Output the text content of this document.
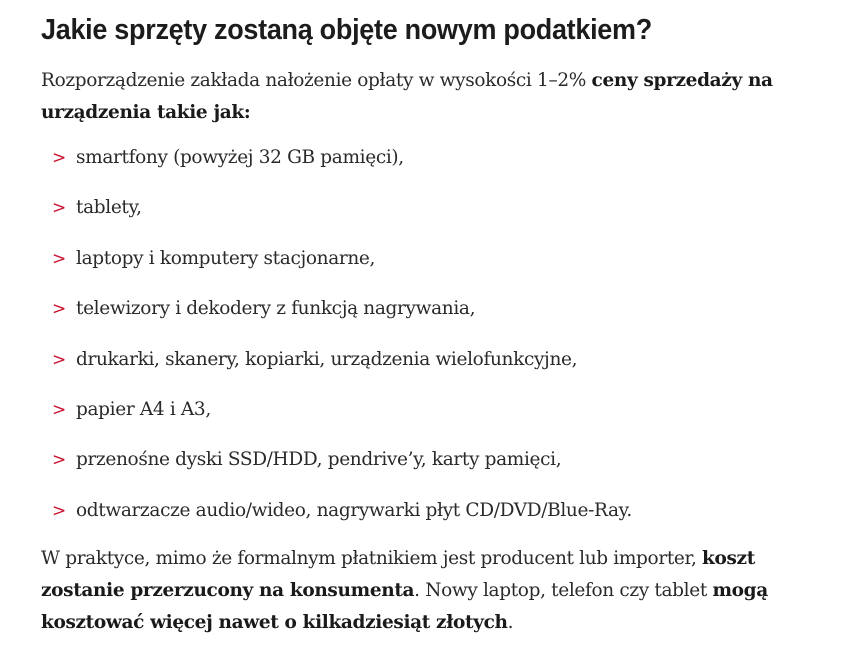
Jakie sprzęty zostaną objęte nowym podatkiem?

Rozporządzenie zakłada nałożenie opłaty w wysokości 1–2% ceny sprzedaży na urządzenia takie jak:

> smartfony (powyżej 32 GB pamięci),
> tablety,
> laptopy i komputery stacjonarne,
> telewizory i dekodery z funkcją nagrywania,
> drukarki, skanery, kopiarki, urządzenia wielofunkcyjne,
> papier A4 i A3,
> przenośne dyski SSD/HDD, pendrive’y, karty pamięci,
> odtwarzacze audio/wideo, nagrywarki płyt CD/DVD/Blue-Ray.

W praktyce, mimo że formalnym płatnikiem jest producent lub importer, koszt zostanie przerzucony na konsumenta. Nowy laptop, telefon czy tablet mogą kosztować więcej nawet o kilkadziesiąt złotych.
